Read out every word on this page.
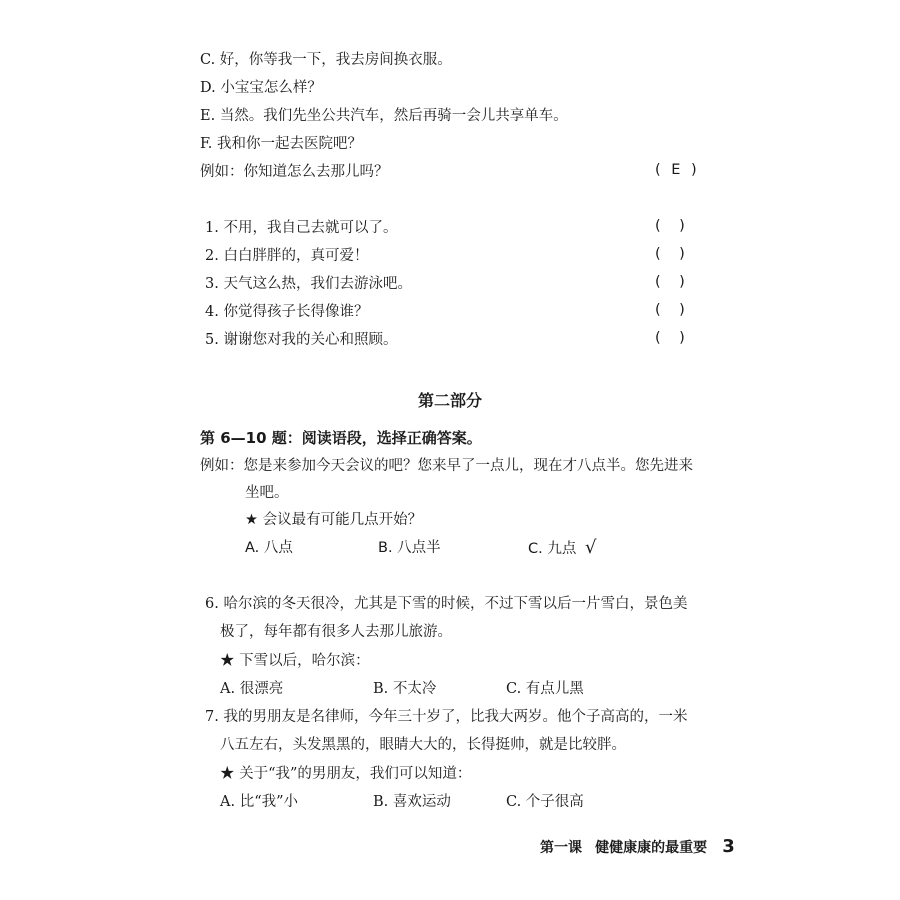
C. 好，你等我一下，我去房间换衣服。
D. 小宝宝怎么样？
E. 当然。我们先坐公共汽车，然后再骑一会儿共享单车。
F. 我和你一起去医院吧？
例如：你知道怎么去那儿吗？	( E )
1. 不用，我自己去就可以了。	(    )
2. 白白胖胖的，真可爱！	(    )
3. 天气这么热，我们去游泳吧。	(    )
4. 你觉得孩子长得像谁？	(    )
5. 谢谢您对我的关心和照顾。	(    )
第二部分
第 6—10 题：阅读语段，选择正确答案。
例如：您是来参加今天会议的吧？您来早了一点儿，现在才八点半。您先进来
坐吧。
★ 会议最有可能几点开始？
A. 八点	B. 八点半	C. 九点 √
6. 哈尔滨的冬天很冷，尤其是下雪的时候，不过下雪以后一片雪白，景色美
极了，每年都有很多人去那儿旅游。
★ 下雪以后，哈尔滨：
A. 很漂亮	B. 不太冷	C. 有点儿黑
7. 我的男朋友是名律师，今年三十岁了，比我大两岁。他个子高高的，一米
八五左右，头发黑黑的，眼睛大大的，长得挺帅，就是比较胖。
★ 关于“我”的男朋友，我们可以知道：
A. 比“我”小	B. 喜欢运动	C. 个子很高
第一课 健健康康的最重要 3
